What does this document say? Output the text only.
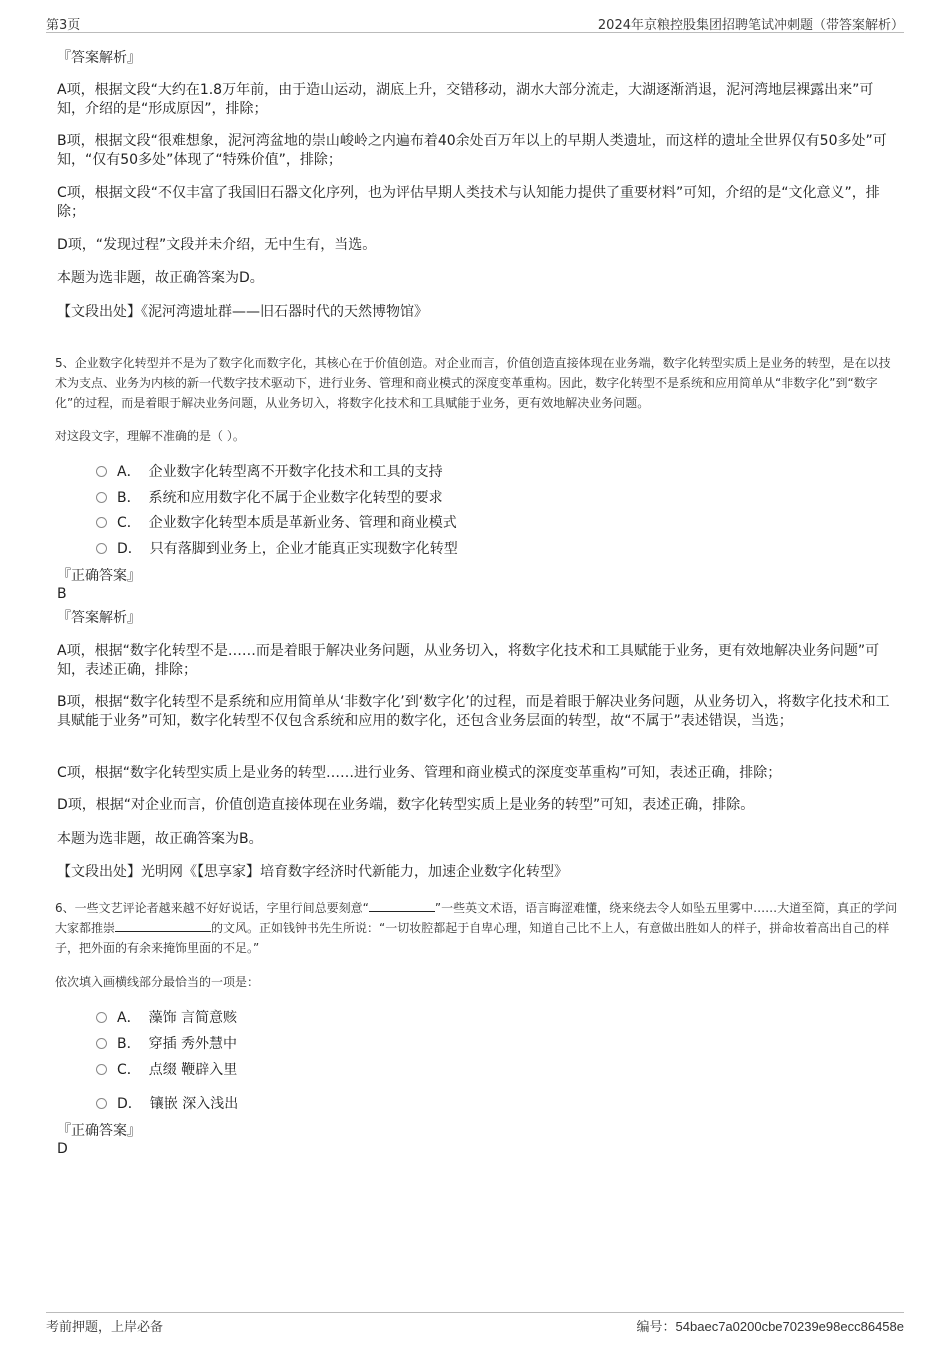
第3页	2024年京粮控股集团招聘笔试冲刺题（带答案解析）
『答案解析』
A项，根据文段“大约在1.8万年前，由于造山运动，湖底上升，交错移动，湖水大部分流走，大湖逐渐消退，泥河湾地层裸露出来”可知，介绍的是“形成原因”，排除；
B项，根据文段“很难想象，泥河湾盆地的崇山峻岭之内遍布着40余处百万年以上的早期人类遗址，而这样的遗址全世界仅有50多处”可知，“仅有50多处”体现了“特殊价值”，排除；
C项，根据文段“不仅丰富了我国旧石器文化序列，也为评估早期人类技术与认知能力提供了重要材料”可知，介绍的是“文化意义”，排除；
D项，“发现过程”文段并未介绍，无中生有，当选。
本题为选非题，故正确答案为D。
【文段出处】《泥河湾遗址群——旧石器时代的天然博物馆》
5、企业数字化转型并不是为了数字化而数字化，其核心在于价值创造。对企业而言，价值创造直接体现在业务端，数字化转型实质上是业务的转型，是在以技术为支点、业务为内核的新一代数字技术驱动下，进行业务、管理和商业模式的深度变革重构。因此，数字化转型不是系统和应用简单从“非数字化”到“数字化”的过程，而是着眼于解决业务问题，从业务切入，将数字化技术和工具赋能于业务，更有效地解决业务问题。
对这段文字，理解不准确的是（ ）。
A． 企业数字化转型离不开数字化技术和工具的支持
B． 系统和应用数字化不属于企业数字化转型的要求
C． 企业数字化转型本质是革新业务、管理和商业模式
D． 只有落脚到业务上，企业才能真正实现数字化转型
『正确答案』
B
『答案解析』
A项，根据“数字化转型不是……而是着眼于解决业务问题，从业务切入，将数字化技术和工具赋能于业务，更有效地解决业务问题”可知，表述正确，排除；
B项，根据“数字化转型不是系统和应用简单从‘非数字化’到‘数字化’的过程，而是着眼于解决业务问题，从业务切入，将数字化技术和工具赋能于业务”可知，数字化转型不仅包含系统和应用的数字化，还包含业务层面的转型，故“不属于”表述错误，当选；
C项，根据“数字化转型实质上是业务的转型……进行业务、管理和商业模式的深度变革重构”可知，表述正确，排除；
D项，根据“对企业而言，价值创造直接体现在业务端，数字化转型实质上是业务的转型”可知，表述正确，排除。
本题为选非题，故正确答案为B。
【文段出处】光明网《【思享家】培育数字经济时代新能力，加速企业数字化转型》
6、一些文艺评论者越来越不好好说话，字里行间总要刻意“	”一些英文术语，语言晦涩难懂，绕来绕去令人如坠五里雾中……大道至简，真正的学问大家都推崇	的文风。正如钱钟书先生所说：“一切妆腔都起于自卑心理，知道自己比不上人，有意做出胜如人的样子，拼命妆着高出自己的样子，把外面的有余来掩饰里面的不足。”
依次填入画横线部分最恰当的一项是：
A． 藻饰 言简意赅
B． 穿插 秀外慧中
C． 点缀 鞭辟入里
D． 镶嵌 深入浅出
『正确答案』
D
考前押题，上岸必备	编号：54baec7a0200cbe70239e98ecc86458e
